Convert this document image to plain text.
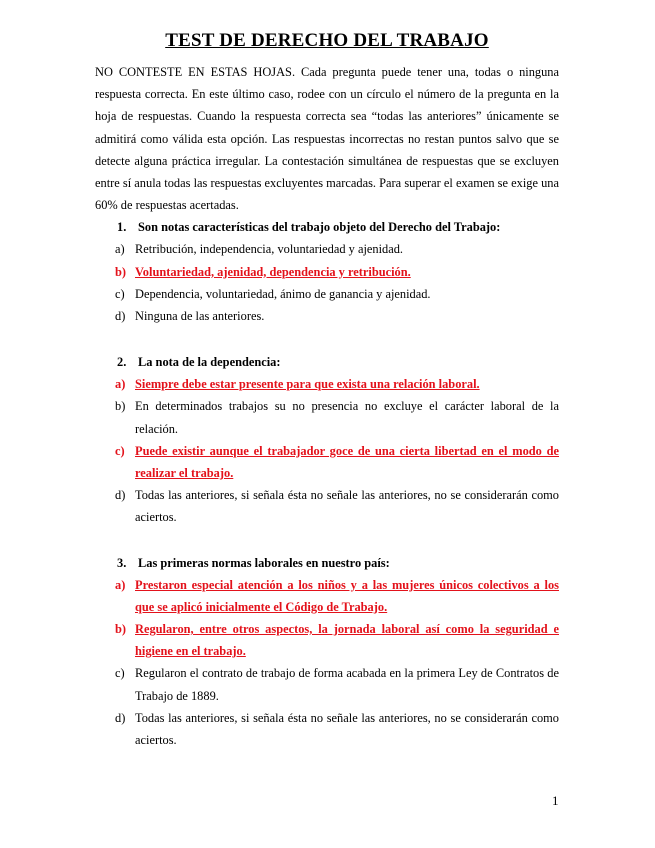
TEST DE DERECHO DEL TRABAJO

NO CONTESTE EN ESTAS HOJAS. Cada pregunta puede tener una, todas o ninguna respuesta correcta. En este último caso, rodee con un círculo el número de la pregunta en la hoja de respuestas. Cuando la respuesta correcta sea “todas las anteriores” únicamente se admitirá como válida esta opción. Las respuestas incorrectas no restan puntos salvo que se detecte alguna práctica irregular. La contestación simultánea de respuestas que se excluyen entre sí anula todas las respuestas excluyentes marcadas. Para superar el examen se exige una 60% de respuestas acertadas.

1. Son notas características del trabajo objeto del Derecho del Trabajo:
a) Retribución, independencia, voluntariedad y ajenidad.
b) Voluntariedad, ajenidad, dependencia y retribución.
c) Dependencia, voluntariedad, ánimo de ganancia y ajenidad.
d) Ninguna de las anteriores.
2. La nota de la dependencia:
a) Siempre debe estar presente para que exista una relación laboral.
b) En determinados trabajos su no presencia no excluye el carácter laboral de la relación.
c) Puede existir aunque el trabajador goce de una cierta libertad en el modo de realizar el trabajo.
d) Todas las anteriores, si señala ésta no señale las anteriores, no se considerarán como aciertos.
3. Las primeras normas laborales en nuestro país:
a) Prestaron especial atención a los niños y a las mujeres únicos colectivos a los que se aplicó inicialmente el Código de Trabajo.
b) Regularon, entre otros aspectos, la jornada laboral así como la seguridad e higiene en el trabajo.
c) Regularon el contrato de trabajo de forma acabada en la primera Ley de Contratos de Trabajo de 1889.
d) Todas las anteriores, si señala ésta no señale las anteriores, no se considerarán como aciertos.
1
